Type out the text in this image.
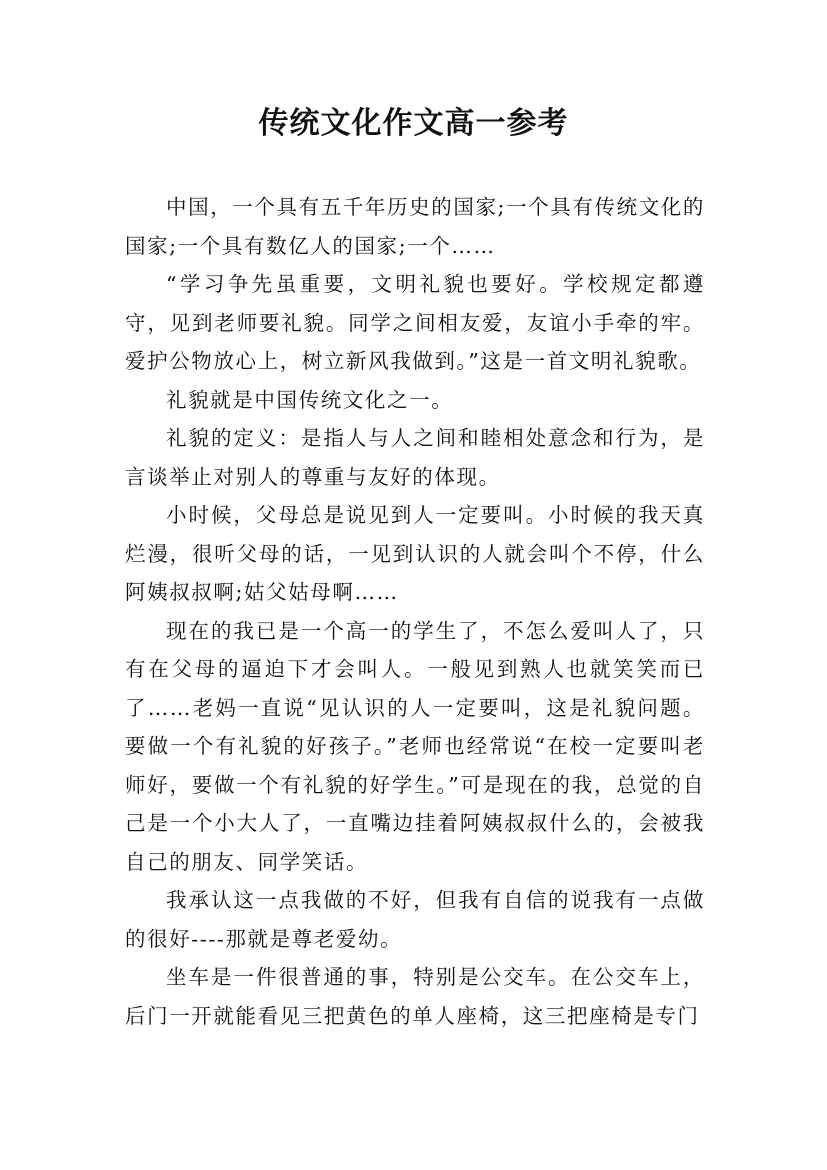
传统文化作文高一参考

中国，一个具有五千年历史的国家;一个具有传统文化的国家;一个具有数亿人的国家;一个……

“学习争先虽重要，文明礼貌也要好。学校规定都遵守，见到老师要礼貌。同学之间相友爱，友谊小手牵的牢。爱护公物放心上，树立新风我做到。”这是一首文明礼貌歌。

礼貌就是中国传统文化之一。

礼貌的定义：是指人与人之间和睦相处意念和行为，是言谈举止对别人的尊重与友好的体现。

小时候，父母总是说见到人一定要叫。小时候的我天真烂漫，很听父母的话，一见到认识的人就会叫个不停，什么阿姨叔叔啊;姑父姑母啊……

现在的我已是一个高一的学生了，不怎么爱叫人了，只有在父母的逼迫下才会叫人。一般见到熟人也就笑笑而已了……老妈一直说“见认识的人一定要叫，这是礼貌问题。要做一个有礼貌的好孩子。”老师也经常说“在校一定要叫老师好，要做一个有礼貌的好学生。”可是现在的我，总觉的自己是一个小大人了，一直嘴边挂着阿姨叔叔什么的，会被我自己的朋友、同学笑话。

我承认这一点我做的不好，但我有自信的说我有一点做的很好----那就是尊老爱幼。

坐车是一件很普通的事，特别是公交车。在公交车上，后门一开就能看见三把黄色的单人座椅，这三把座椅是专门
